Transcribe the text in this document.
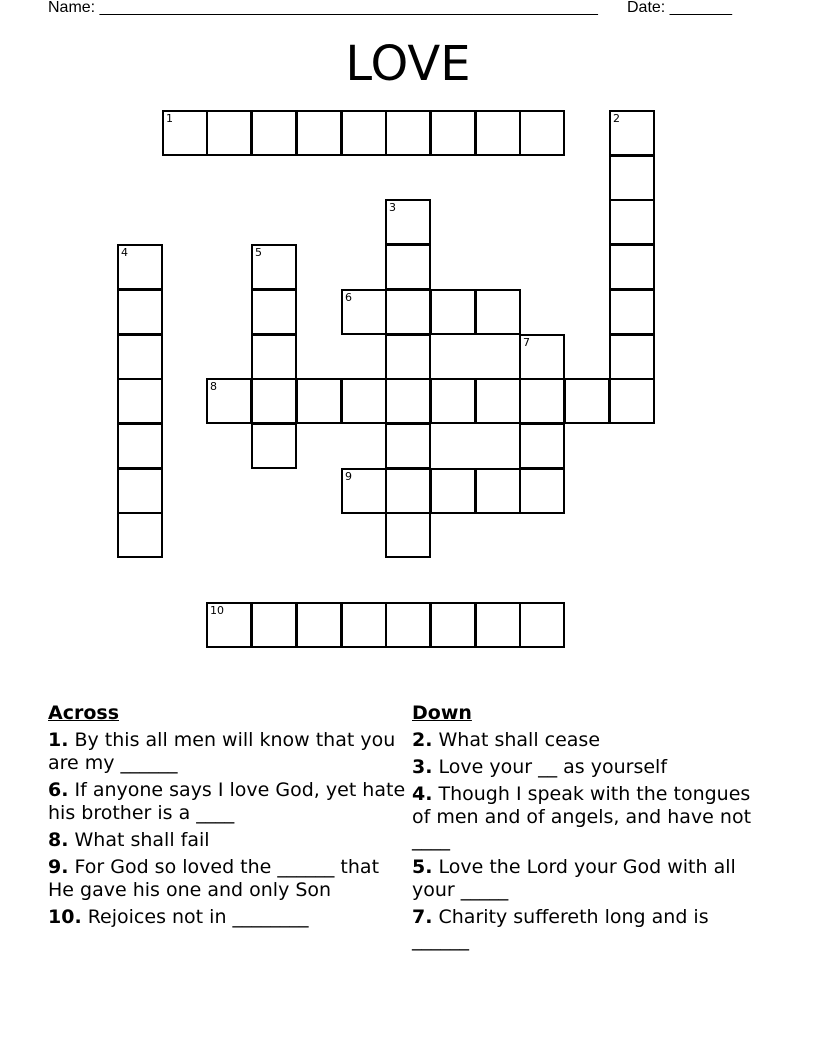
Name: ________________________________________________________ Date: _______
LOVE
1	2
3
4	5
6
7
8
9
10
Across
1. By this all men will know that you are my ______
6. If anyone says I love God, yet hate his brother is a ____
8. What shall fail
9. For God so loved the ______ that He gave his one and only Son
10. Rejoices not in ________
Down
2. What shall cease
3. Love your __ as yourself
4. Though I speak with the tongues of men and of angels, and have not ____
5. Love the Lord your God with all your _____
7. Charity suffereth long and is ______
